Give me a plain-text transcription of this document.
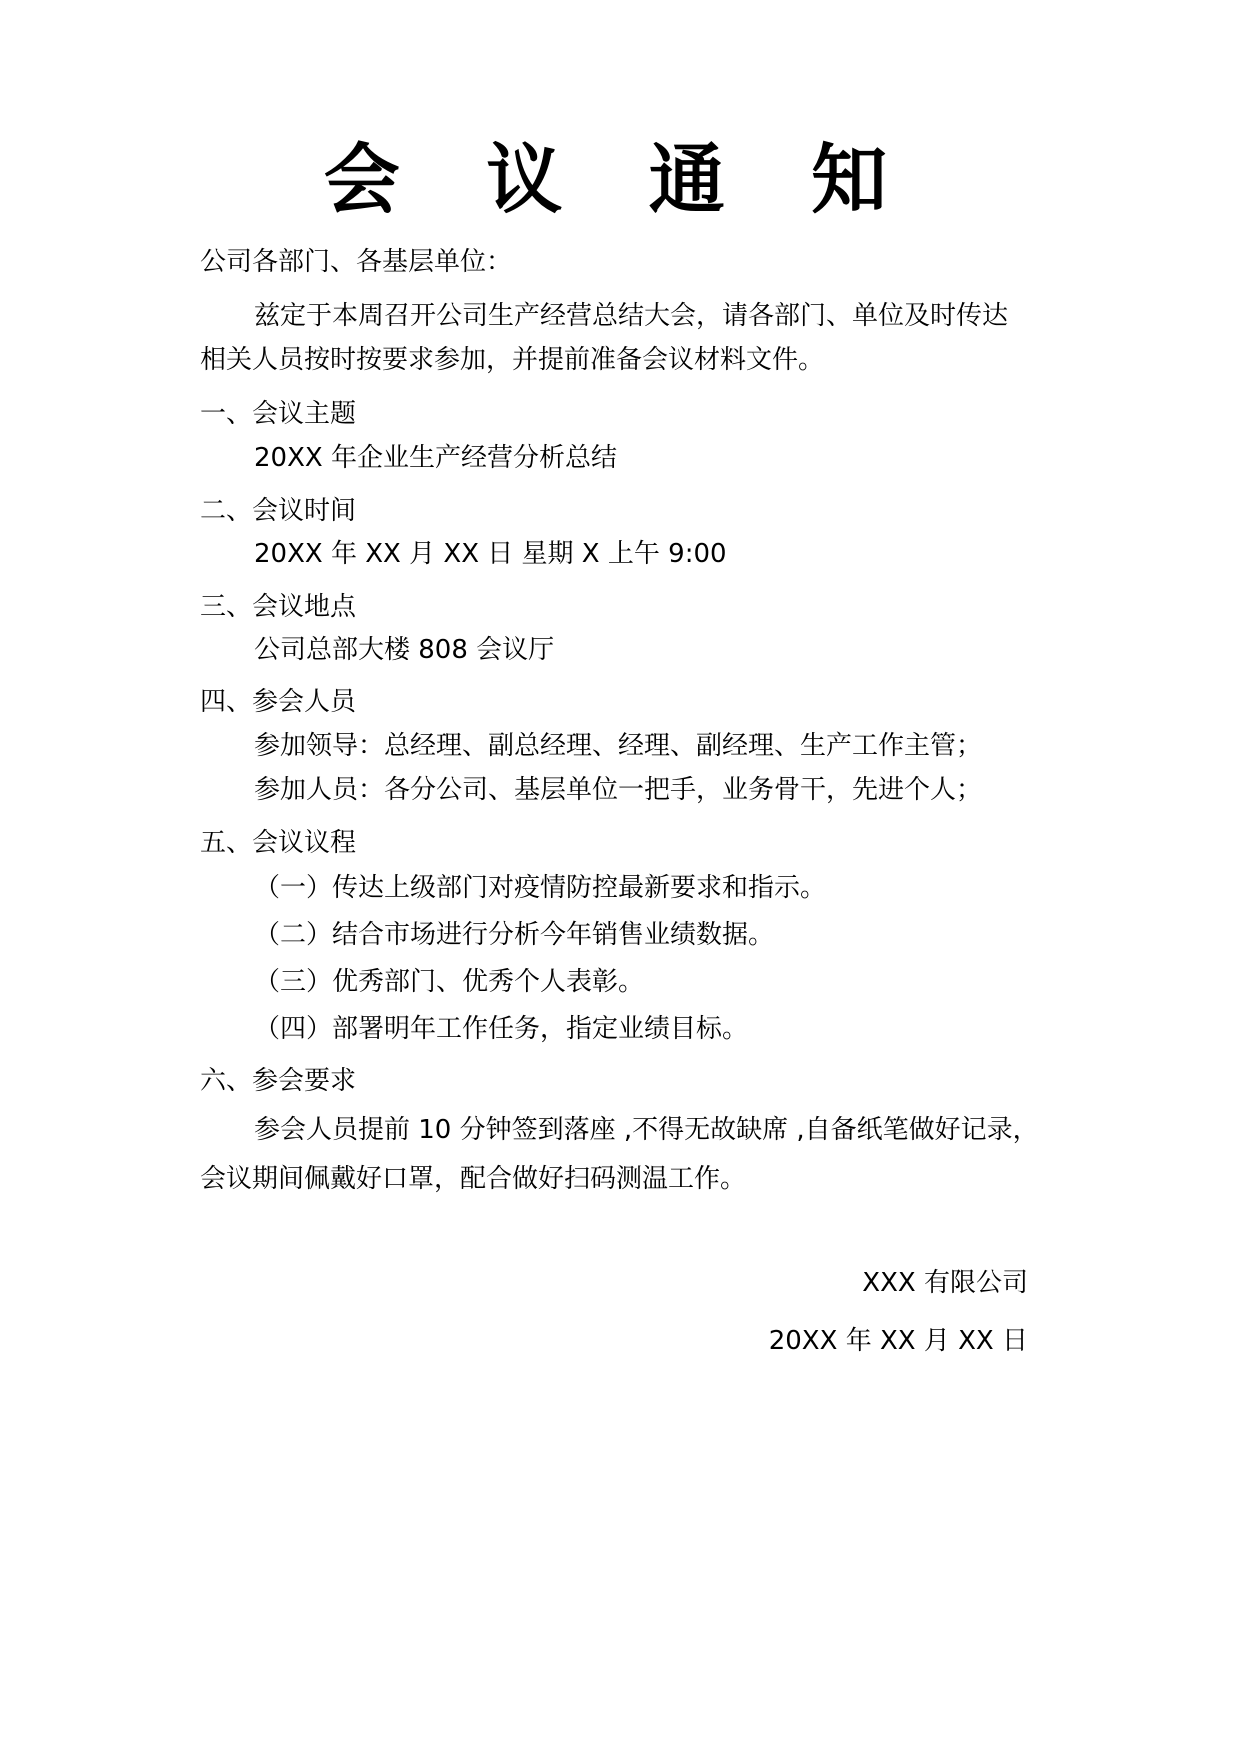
会 议 通 知
公司各部门、各基层单位：
兹定于本周召开公司生产经营总结大会，请各部门、单位及时传达
相关人员按时按要求参加，并提前准备会议材料文件。
一、会议主题
20XX 年企业生产经营分析总结
二、会议时间
20XX 年 XX 月 XX 日 星期 X 上午 9:00
三、会议地点
公司总部大楼 808 会议厅
四、参会人员
参加领导：总经理、副总经理、经理、副经理、生产工作主管；
参加人员：各分公司、基层单位一把手，业务骨干，先进个人；
五、会议议程
（一）传达上级部门对疫情防控最新要求和指示。
（二）结合市场进行分析今年销售业绩数据。
（三）优秀部门、优秀个人表彰。
（四）部署明年工作任务，指定业绩目标。
六、参会要求
参会人员提前 10 分钟签到落座 ,不得无故缺席 ,自备纸笔做好记录，
会议期间佩戴好口罩，配合做好扫码测温工作。
XXX 有限公司
20XX 年 XX 月 XX 日
